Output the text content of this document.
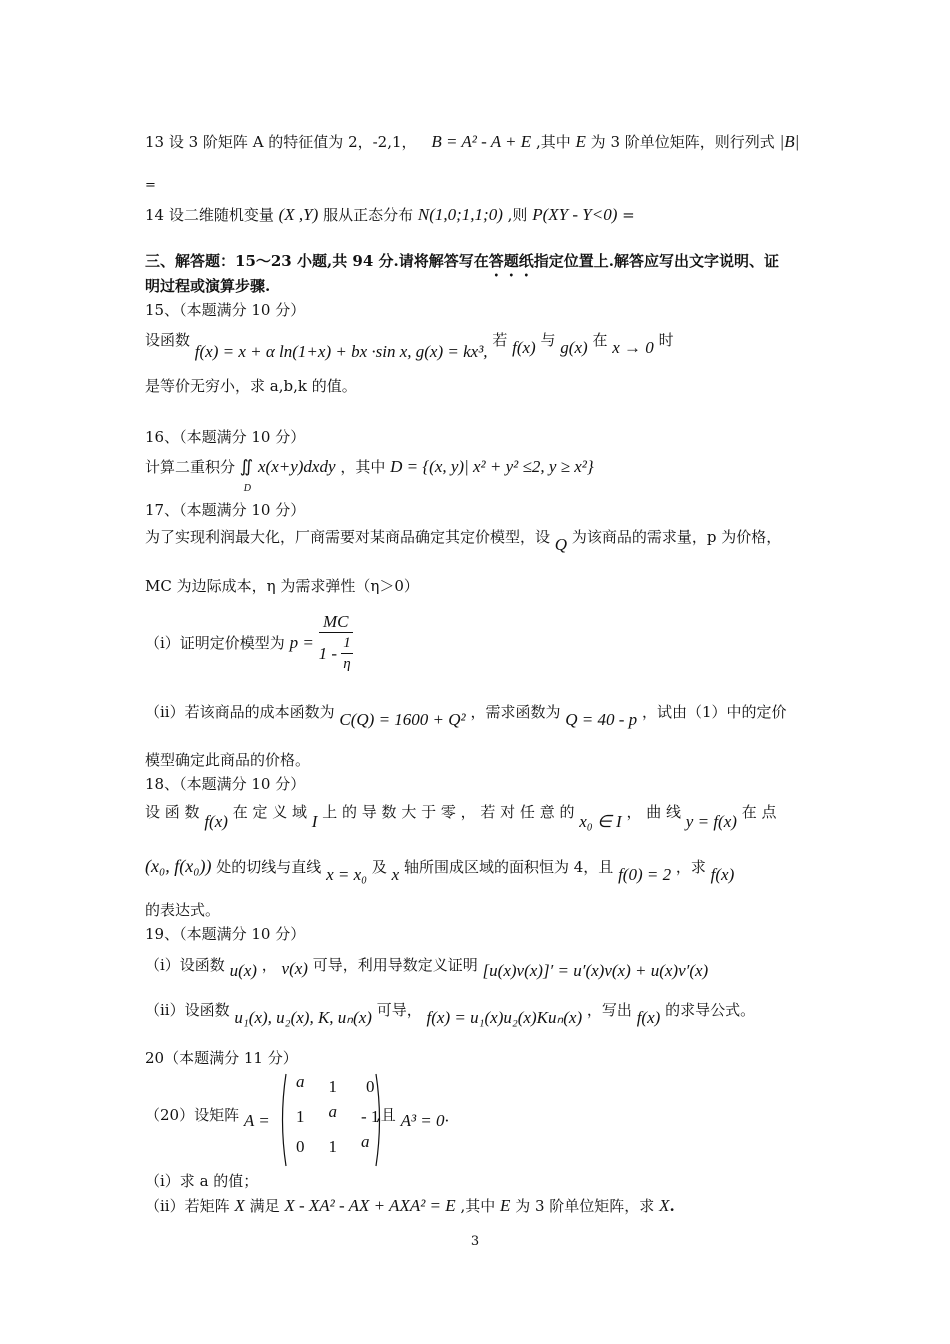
13 设 3 阶矩阵 A 的特征值为 2，-2,1， B = A² - A + E ,其中 E 为 3 阶单位矩阵，则行列式 |B|
=
14 设二维随机变量 (X ,Y) 服从正态分布 N(1,0;1,1;0) ,则 P(XY - Y<0) =
三、解答题：15～23 小题,共 94 分.请将解答写在答题纸指定位置上.解答应写出文字说明、证
明过程或演算步骤.
15、（本题满分 10 分）
设函数 f(x) = x + α ln(1+x) + bx ·sin x, g(x) = kx³, 若 f(x) 与 g(x) 在 x → 0 时
是等价无穷小，求 a,b,k 的值。
16、（本题满分 10 分）
计算二重积分 ∬
D
x(x+y)dxdy ，其中 D = {(x, y)| x² + y² ≤2, y ≥ x²}
17、（本题满分 10 分）
为了实现利润最大化，厂商需要对某商品确定其定价模型，设 Q 为该商品的需求量，p 为价格，
MC 为边际成本，η 为需求弹性（η＞0）
（i）证明定价模型为 $p = \frac{MC}{1 - \frac{1}{\eta}}$
（ii）若该商品的成本函数为 C(Q) = 1600 + Q² ，需求函数为 Q = 40 - p ，试由（1）中的定价
模型确定此商品的价格。
18、（本题满分 10 分）
设 函 数 f(x) 在 定 义 域 I 上 的 导 数 大 于 零 ， 若 对 任 意 的 x₀ ∈ I ， 曲 线 y = f(x) 在 点
(x₀, f(x₀)) 处的切线与直线 x = x₀ 及 x 轴所围成区域的面积恒为 4，且 f(0) = 2 ，求 f(x)
的表达式。
19、（本题满分 10 分）
（i）设函数 u(x) ， v(x) 可导，利用导数定义证明 [u(x)v(x)]′ = u′(x)v(x) + u(x)v′(x)
（ii）设函数 u₁(x), u₂(x), K, uₙ(x) 可导， f(x) = u₁(x)u₂(x)Kuₙ(x) ，写出 f(x) 的求导公式。
20（本题满分 11 分）
（20）设矩阵 A =
a 1	0
1	a - 1
0	1	a
,且 A³ = 0·
（i）求 a 的值；
（ii）若矩阵 X 满足 X - XA² - AX + AXA² = E ,其中 E 为 3 阶单位矩阵，求 X.
3
